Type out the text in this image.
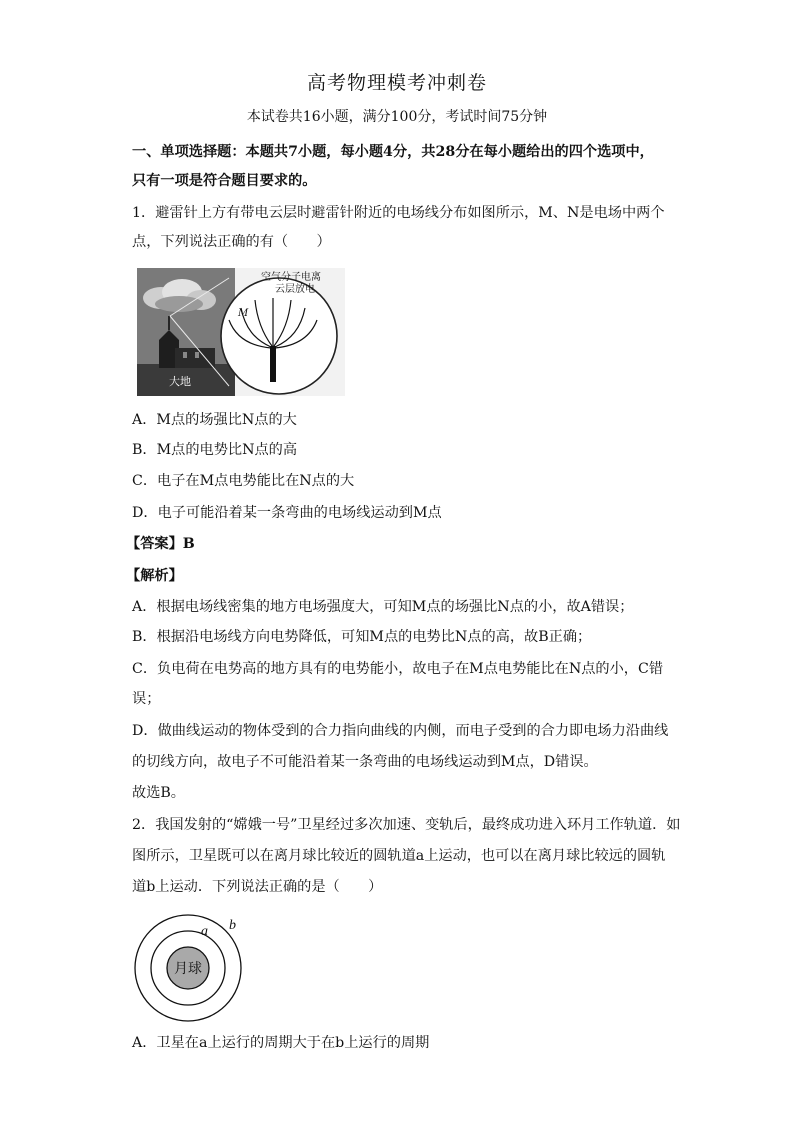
高考物理模考冲刺卷
本试卷共16小题，满分100分，考试时间75分钟
一、单项选择题：本题共7小题，每小题4分，共28分在每小题给出的四个选项中，
只有一项是符合题目要求的。
1．避雷针上方有带电云层时避雷针附近的电场线分布如图所示，M、N是电场中两个
点，下列说法正确的有（　　）
大地
空气分子电离
云层放电
M
A．M点的场强比N点的大
B．M点的电势比N点的高
C．电子在M点电势能比在N点的大
D．电子可能沿着某一条弯曲的电场线运动到M点
【答案】B
【解析】
A．根据电场线密集的地方电场强度大，可知M点的场强比N点的小，故A错误；
B．根据沿电场线方向电势降低，可知M点的电势比N点的高，故B正确；
C．负电荷在电势高的地方具有的电势能小，故电子在M点电势能比在N点的小，C错
误；
D．做曲线运动的物体受到的合力指向曲线的内侧，而电子受到的合力即电场力沿曲线
的切线方向，故电子不可能沿着某一条弯曲的电场线运动到M点，D错误。
故选B。
2．我国发射的“嫦娥一号”卫星经过多次加速、变轨后，最终成功进入环月工作轨道．如
图所示，卫星既可以在离月球比较近的圆轨道a上运动，也可以在离月球比较远的圆轨
道b上运动．下列说法正确的是（　　）
月球
a b
A．卫星在a上运行的周期大于在b上运行的周期
